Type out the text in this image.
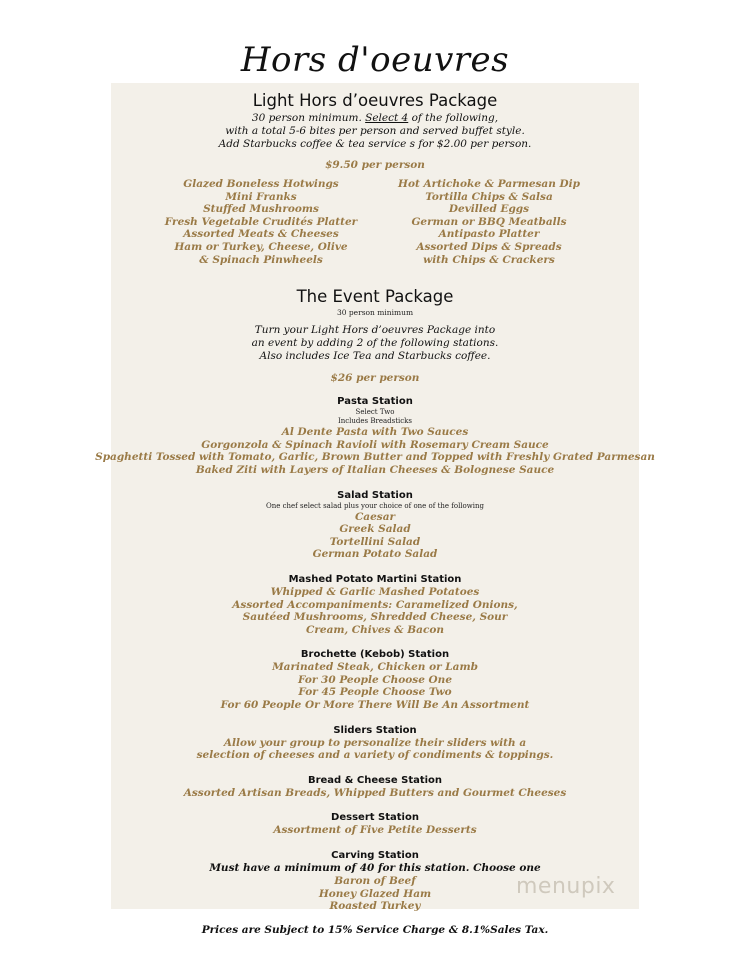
Hors d'oeuvres
Light Hors d’oeuvres Package
30 person minimum. Select 4 of the following,
with a total 5-6 bites per person and served buffet style.
Add Starbucks coffee & tea service s for $2.00 per person.
$9.50 per person
Glazed Boneless Hotwings
Mini Franks
Stuffed Mushrooms
Fresh Vegetable Crudités Platter
Assorted Meats & Cheeses
Ham or Turkey, Cheese, Olive
& Spinach Pinwheels
Hot Artichoke & Parmesan Dip
Tortilla Chips & Salsa
Devilled Eggs
German or BBQ Meatballs
Antipasto Platter
Assorted Dips & Spreads
with Chips & Crackers
The Event Package
30 person minimum
Turn your Light Hors d’oeuvres Package into
an event by adding 2 of the following stations.
Also includes Ice Tea and Starbucks coffee.
$26 per person
Pasta Station
Select Two
Includes Breadsticks
Al Dente Pasta with Two Sauces
Gorgonzola & Spinach Ravioli with Rosemary Cream Sauce
Spaghetti Tossed with Tomato, Garlic, Brown Butter and Topped with Freshly Grated Parmesan
Baked Ziti with Layers of Italian Cheeses & Bolognese Sauce
Salad Station
One chef select salad plus your choice of one of the following
Caesar
Greek Salad
Tortellini Salad
German Potato Salad
Mashed Potato Martini Station
Whipped & Garlic Mashed Potatoes
Assorted Accompaniments: Caramelized Onions,
Sautéed Mushrooms, Shredded Cheese, Sour
Cream, Chives & Bacon
Brochette (Kebob) Station
Marinated Steak, Chicken or Lamb
For 30 People Choose One
For 45 People Choose Two
For 60 People Or More There Will Be An Assortment
Sliders Station
Allow your group to personalize their sliders with a
selection of cheeses and a variety of condiments & toppings.
Bread & Cheese Station
Assorted Artisan Breads, Whipped Butters and Gourmet Cheeses
Dessert Station
Assortment of Five Petite Desserts
Carving Station
Must have a minimum of 40 for this station. Choose one
Baron of Beef
Honey Glazed Ham
Roasted Turkey
menupix
Prices are Subject to 15% Service Charge & 8.1%Sales Tax.
